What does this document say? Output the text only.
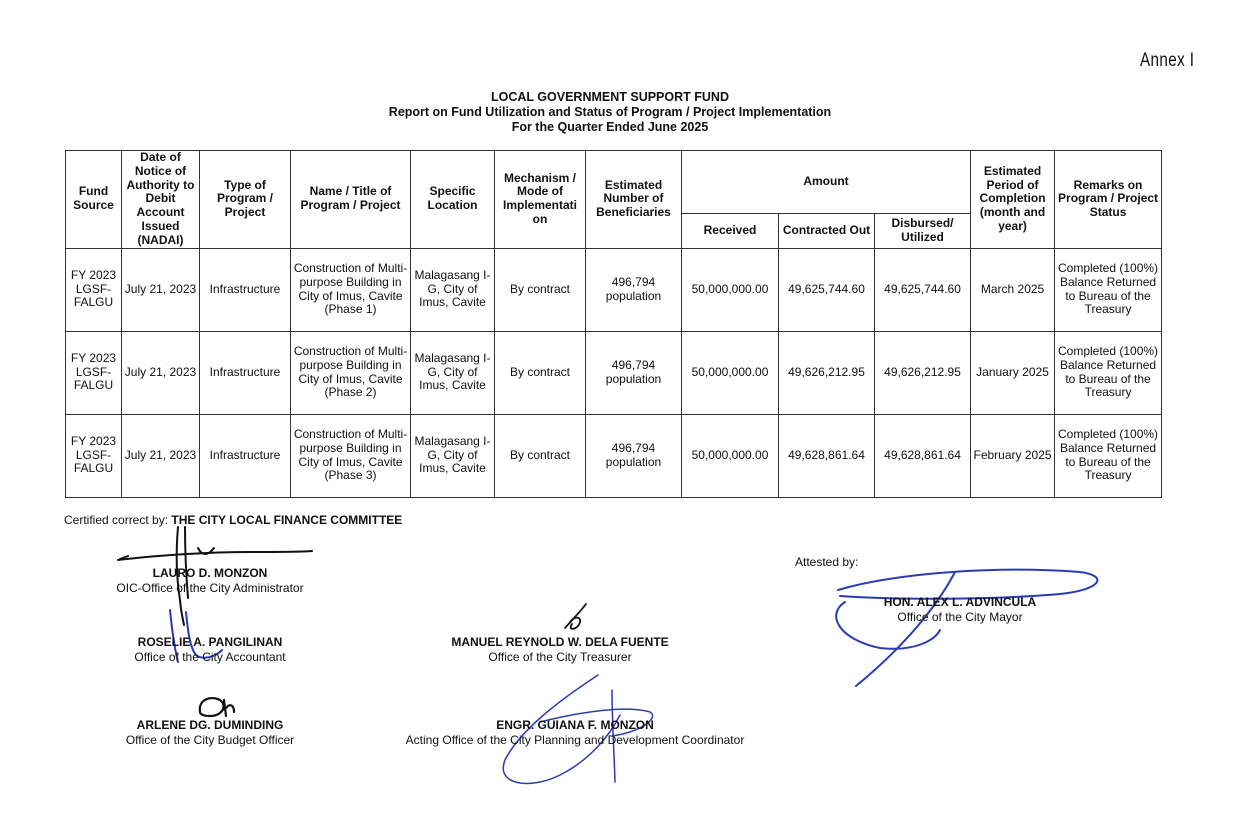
Annex I
LOCAL GOVERNMENT SUPPORT FUND
Report on Fund Utilization and Status of Program / Project Implementation
For the Quarter Ended June 2025
Fund Source	Date of Notice of Authority to Debit Account Issued (NADAI)	Type of Program / Project	Name / Title of Program / Project	Specific Location	Mechanism / Mode of Implementati on	Estimated Number of Beneficiaries	Amount			Estimated Period of Completion (month and year)	Remarks on Program / Project Status
							Received	Contracted Out	Disbursed/ Utilized		
FY 2023 LGSF-FALGU	July 21, 2023	Infrastructure	Construction of Multi-purpose Building in City of Imus, Cavite (Phase 1)	Malagasang I-G, City of Imus, Cavite	By contract	496,794 population	50,000,000.00	49,625,744.60	49,625,744.60	March 2025	Completed (100%) Balance Returned to Bureau of the Treasury
FY 2023 LGSF-FALGU	July 21, 2023	Infrastructure	Construction of Multi-purpose Building in City of Imus, Cavite (Phase 2)	Malagasang I-G, City of Imus, Cavite	By contract	496,794 population	50,000,000.00	49,626,212.95	49,626,212.95	January 2025	Completed (100%) Balance Returned to Bureau of the Treasury
FY 2023 LGSF-FALGU	July 21, 2023	Infrastructure	Construction of Multi-purpose Building in City of Imus, Cavite (Phase 3)	Malagasang I-G, City of Imus, Cavite	By contract	496,794 population	50,000,000.00	49,628,861.64	49,628,861.64	February 2025	Completed (100%) Balance Returned to Bureau of the Treasury
Certified correct by: THE CITY LOCAL FINANCE COMMITTEE
LAURO D. MONZON
OIC-Office of the City Administrator
ROSELIE A. PANGILINAN
Office of the City Accountant
ARLENE DG. DUMINDING
Office of the City Budget Officer
MANUEL REYNOLD W. DELA FUENTE
Office of the City Treasurer
ENGR. GUIANA F. MONZON
Acting Office of the City Planning and Development Coordinator
Attested by:
HON. ALEX L. ADVINCULA
Office of the City Mayor
